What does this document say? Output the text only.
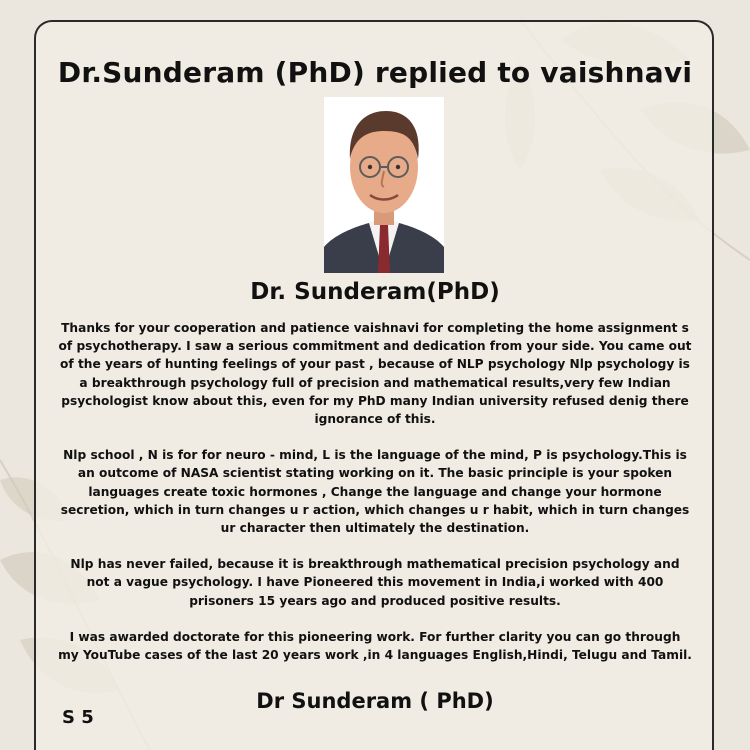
Dr.Sunderam (PhD) replied to vaishnavi
Dr. Sunderam(PhD)

Thanks for your cooperation and patience vaishnavi for completing the home assignment s of psychotherapy. I saw a serious commitment and dedication from your side. You came out of the years of hunting feelings of your past , because of NLP psychology Nlp psychology is a breakthrough psychology full of precision and mathematical results,very few Indian psychologist know about this, even for my PhD many Indian university refused denig there ignorance of this.

Nlp school , N is for for neuro - mind, L is the language of the mind, P is psychology.This is an outcome of NASA scientist stating working on it. The basic principle is your spoken languages create toxic hormones , Change the language and change your hormone secretion, which in turn changes u r action, which changes u r habit, which in turn changes ur character then ultimately the destination.

Nlp has never failed, because it is breakthrough mathematical precision psychology and not a vague psychology. I have Pioneered this movement in India,i worked with 400 prisoners 15 years ago and produced positive results.

I was awarded doctorate for this pioneering work. For further clarity you can go through my YouTube cases of the last 20 years work ,in 4 languages English,Hindi, Telugu and Tamil.

Dr Sunderam ( PhD)
S 5
